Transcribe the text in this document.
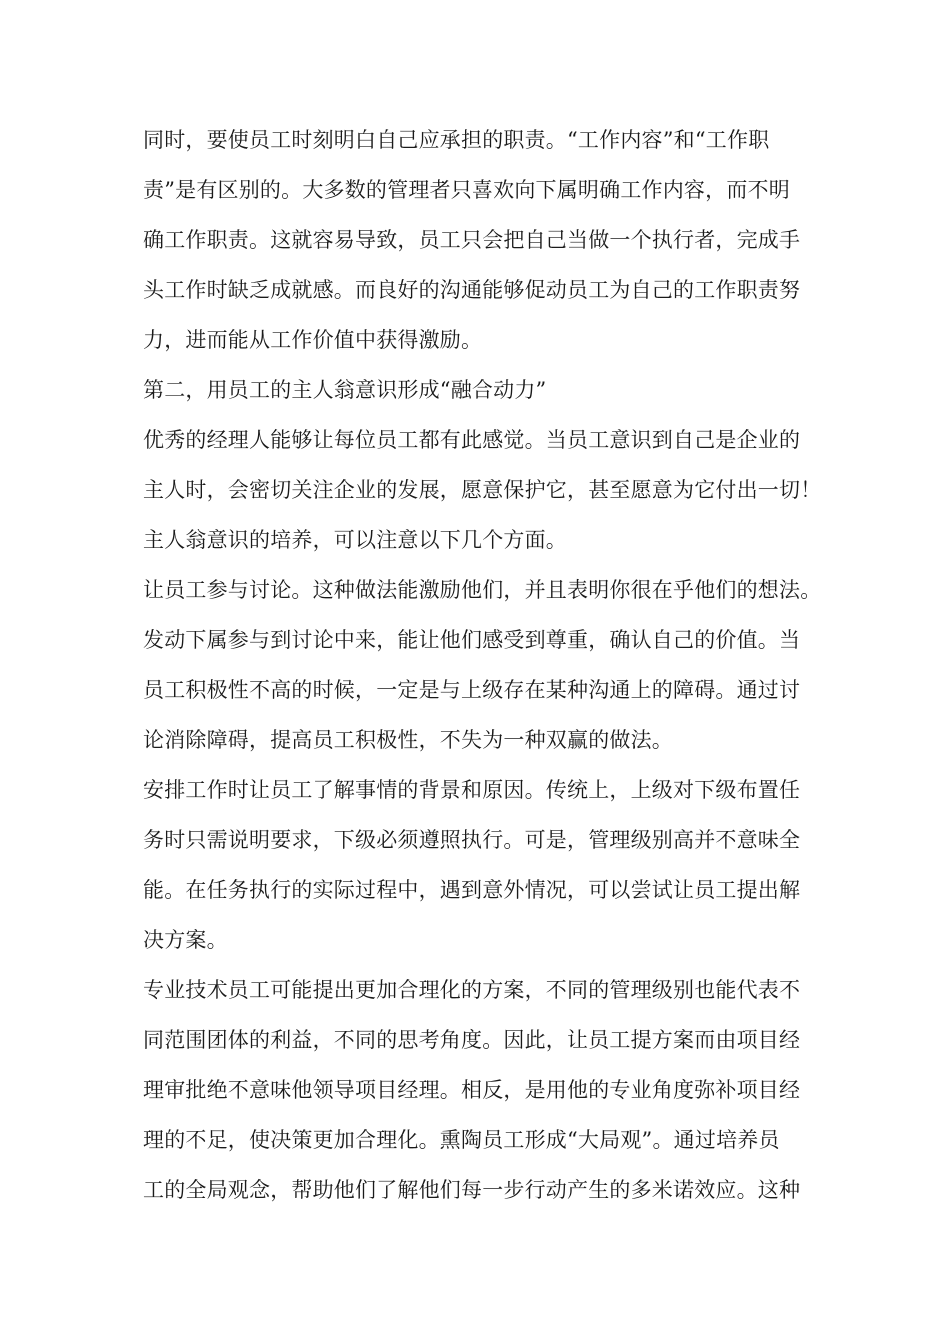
同时，要使员工时刻明白自己应承担的职责。“工作内容”和“工作职
责”是有区别的。大多数的管理者只喜欢向下属明确工作内容，而不明
确工作职责。这就容易导致，员工只会把自己当做一个执行者，完成手
头工作时缺乏成就感。而良好的沟通能够促动员工为自己的工作职责努
力，进而能从工作价值中获得激励。
第二，用员工的主人翁意识形成“融合动力”
优秀的经理人能够让每位员工都有此感觉。当员工意识到自己是企业的
主人时，会密切关注企业的发展，愿意保护它，甚至愿意为它付出一切！
主人翁意识的培养，可以注意以下几个方面。
让员工参与讨论。这种做法能激励他们，并且表明你很在乎他们的想法。
发动下属参与到讨论中来，能让他们感受到尊重，确认自己的价值。当
员工积极性不高的时候，一定是与上级存在某种沟通上的障碍。通过讨
论消除障碍，提高员工积极性，不失为一种双赢的做法。
安排工作时让员工了解事情的背景和原因。传统上，上级对下级布置任
务时只需说明要求，下级必须遵照执行。可是，管理级别高并不意味全
能。在任务执行的实际过程中，遇到意外情况，可以尝试让员工提出解
决方案。
专业技术员工可能提出更加合理化的方案，不同的管理级别也能代表不
同范围团体的利益，不同的思考角度。因此，让员工提方案而由项目经
理审批绝不意味他领导项目经理。相反，是用他的专业角度弥补项目经
理的不足，使决策更加合理化。熏陶员工形成“大局观”。通过培养员
工的全局观念，帮助他们了解他们每一步行动产生的多米诺效应。这种
